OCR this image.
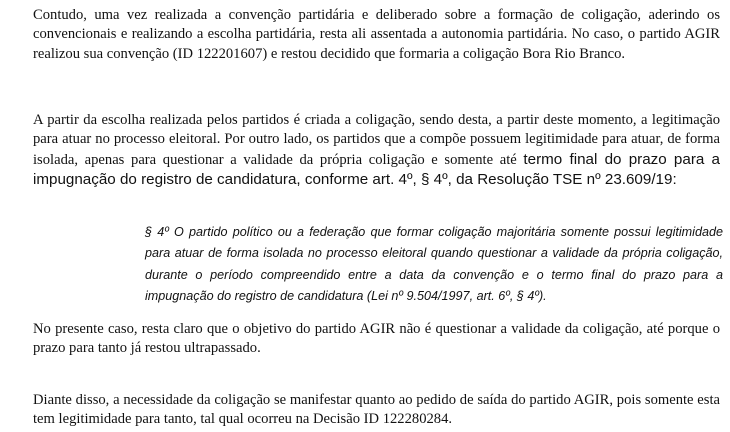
Contudo, uma vez realizada a convenção partidária e deliberado sobre a formação de coligação, aderindo os convencionais e realizando a escolha partidária, resta ali assentada a autonomia partidária. No caso, o partido AGIR realizou sua convenção (ID 122201607) e restou decidido que formaria a coligação Bora Rio Branco.

A partir da escolha realizada pelos partidos é criada a coligação, sendo desta, a partir deste momento, a legitimação para atuar no processo eleitoral. Por outro lado, os partidos que a compõe possuem legitimidade para atuar, de forma isolada, apenas para questionar a validade da própria coligação e somente até termo final do prazo para a impugnação do registro de candidatura, conforme art. 4º, § 4º, da Resolução TSE nº 23.609/19:

§ 4º O partido político ou a federação que formar coligação majoritária somente possui legitimidade para atuar de forma isolada no processo eleitoral quando questionar a validade da própria coligação, durante o período compreendido entre a data da convenção e o termo final do prazo para a impugnação do registro de candidatura (Lei nº 9.504/1997, art. 6º, § 4º).

No presente caso, resta claro que o objetivo do partido AGIR não é questionar a validade da coligação, até porque o prazo para tanto já restou ultrapassado.

Diante disso, a necessidade da coligação se manifestar quanto ao pedido de saída do partido AGIR, pois somente esta tem legitimidade para tanto, tal qual ocorreu na Decisão ID 122280284.
